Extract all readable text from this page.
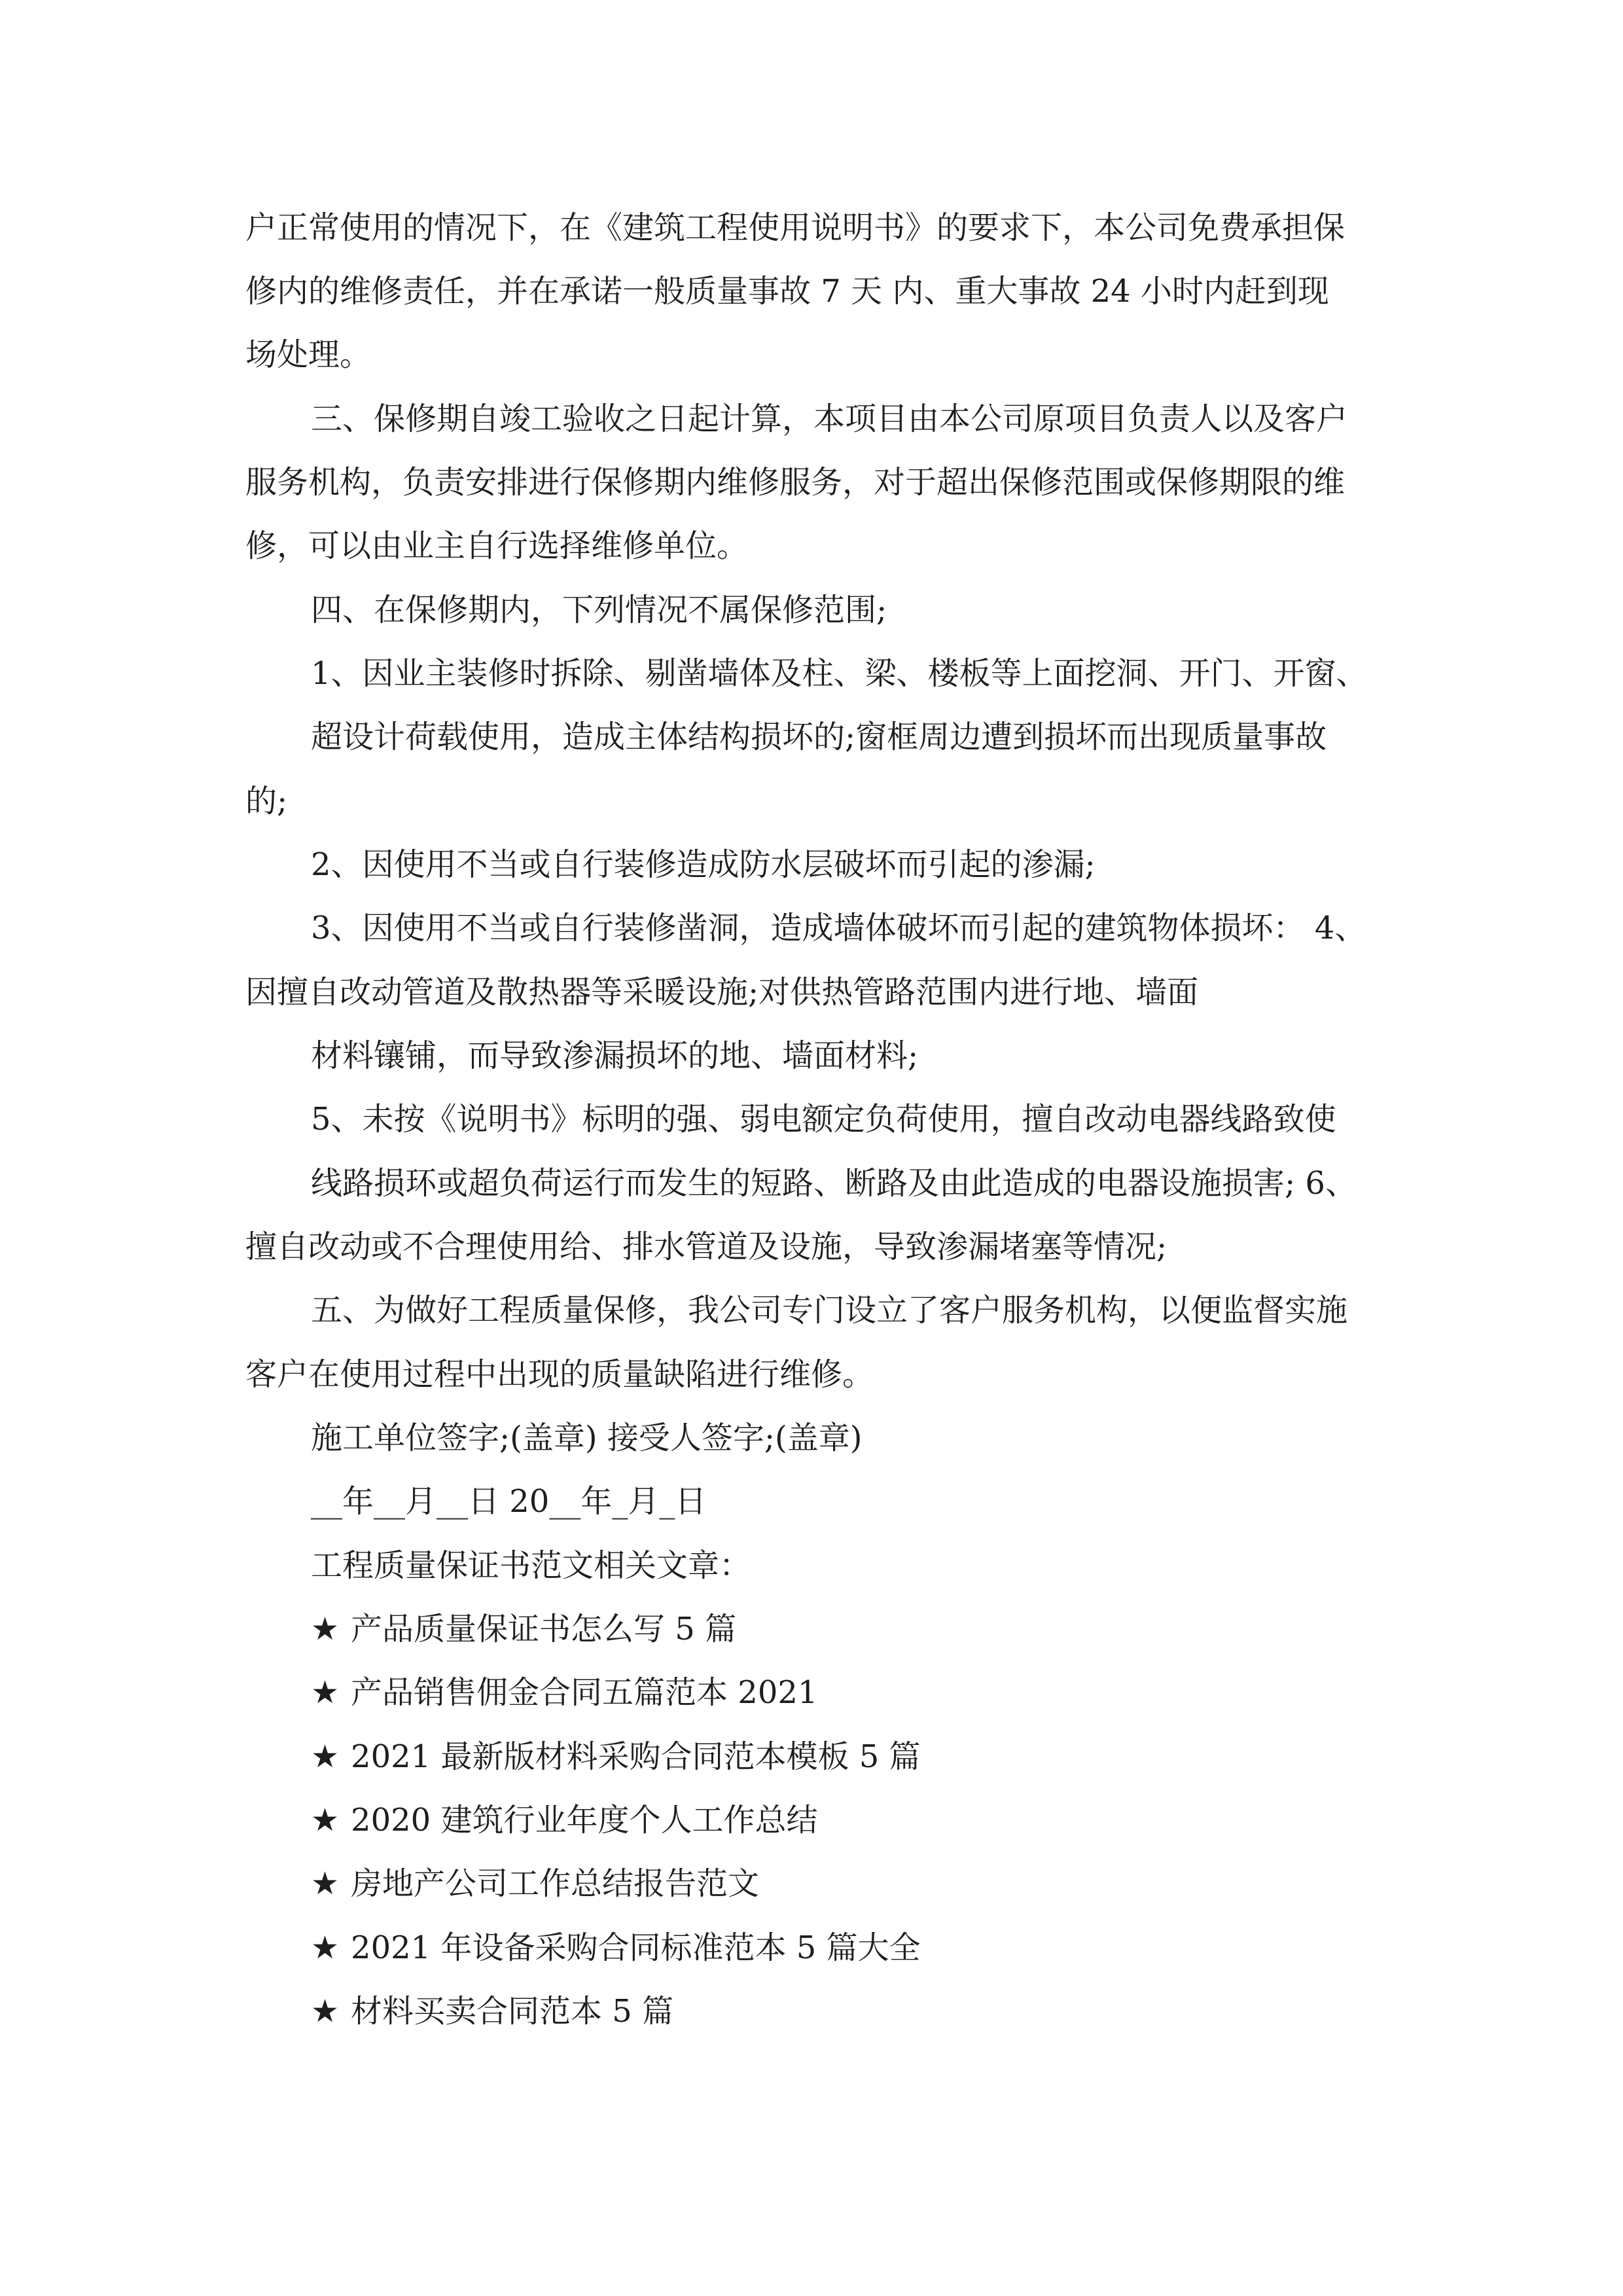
户正常使用的情况下，在《建筑工程使用说明书》的要求下，本公司免费承担保
修内的维修责任，并在承诺一般质量事故 7 天 内、重大事故 24 小时内赶到现
场处理。
三、保修期自竣工验收之日起计算，本项目由本公司原项目负责人以及客户
服务机构，负责安排进行保修期内维修服务，对于超出保修范围或保修期限的维
修，可以由业主自行选择维修单位。
四、在保修期内，下列情况不属保修范围;
1、因业主装修时拆除、剔凿墙体及柱、梁、楼板等上面挖洞、开门、开窗、
超设计荷载使用，造成主体结构损坏的;窗框周边遭到损坏而出现质量事故
的;
2、因使用不当或自行装修造成防水层破坏而引起的渗漏;
3、因使用不当或自行装修凿洞，造成墙体破坏而引起的建筑物体损坏： 4、
因擅自改动管道及散热器等采暖设施;对供热管路范围内进行地、墙面
材料镶铺，而导致渗漏损坏的地、墙面材料;
5、未按《说明书》标明的强、弱电额定负荷使用，擅自改动电器线路致使
线路损环或超负荷运行而发生的短路、断路及由此造成的电器设施损害; 6、
擅自改动或不合理使用给、排水管道及设施，导致渗漏堵塞等情况;
五、为做好工程质量保修，我公司专门设立了客户服务机构，以便监督实施
客户在使用过程中出现的质量缺陷进行维修。
施工单位签字;(盖章) 接受人签字;(盖章)
__年__月__日 20__年_月_日
工程质量保证书范文相关文章：
★ 产品质量保证书怎么写 5 篇
★ 产品销售佣金合同五篇范本 2021
★ 2021 最新版材料采购合同范本模板 5 篇
★ 2020 建筑行业年度个人工作总结
★ 房地产公司工作总结报告范文
★ 2021 年设备采购合同标准范本 5 篇大全
★ 材料买卖合同范本 5 篇
